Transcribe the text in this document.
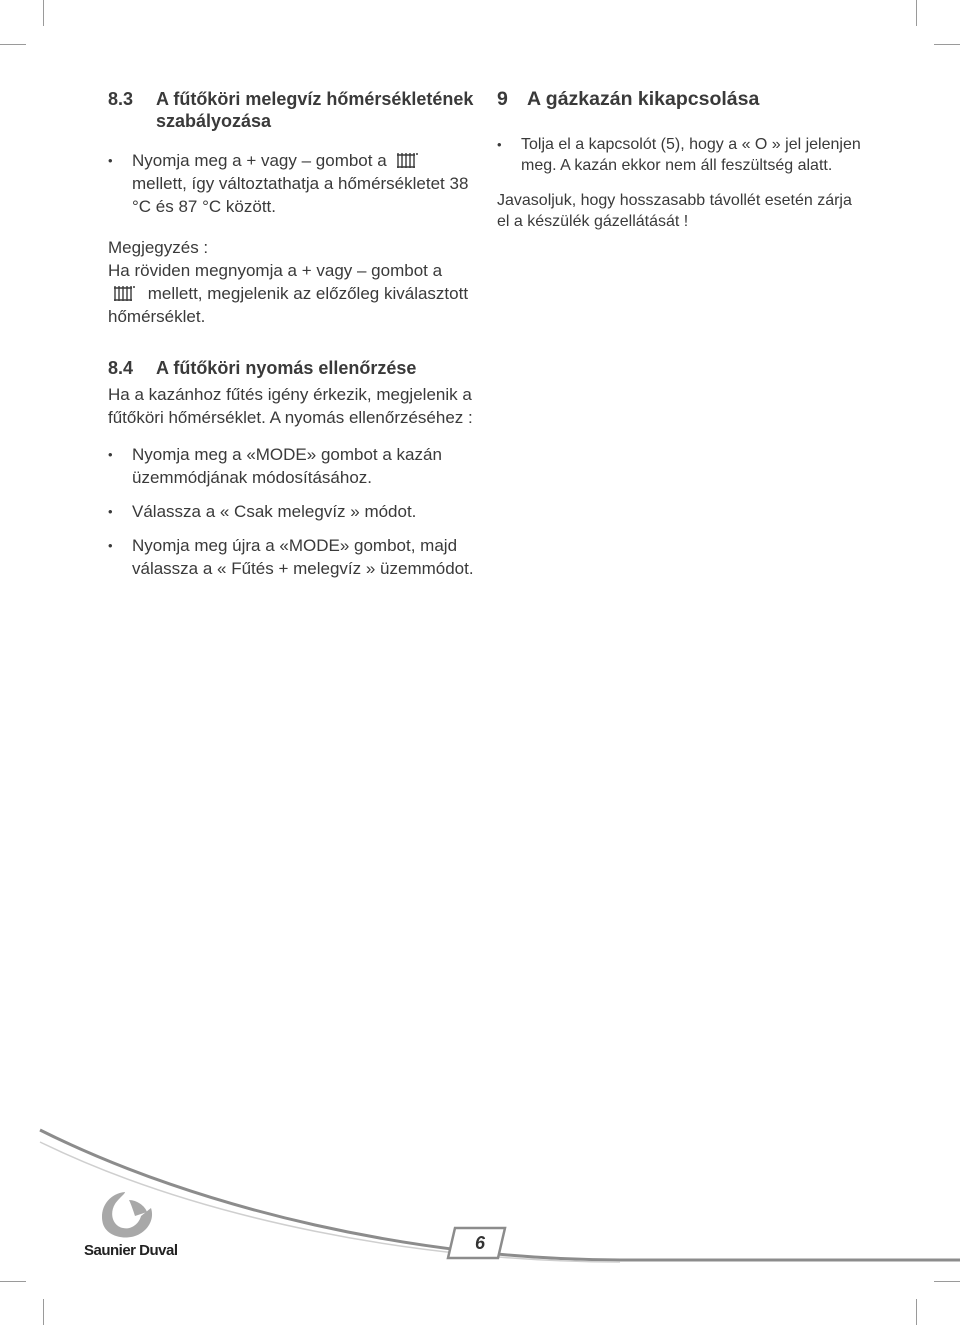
8.3	A fűtőköri melegvíz hőmérsékletének szabályozása
• Nyomja meg a + vagy – gombot a
mellett, így változtathatja a hőmérsékletet 38 °C és 87 °C között.

Megjegyzés :

Ha röviden megnyomja a + vagy – gombot a
mellett, megjelenik az előzőleg kiválasztott hőmérséklet.

8.4	A fűtőköri nyomás ellenőrzése

Ha a kazánhoz fűtés igény érkezik, megjelenik a fűtőköri hőmérséklet. A nyomás ellenőrzéséhez :

• Nyomja meg a «MODE» gombot a kazán üzemmódjának módosításához.
• Válassza a « Csak melegvíz » módot.
• Nyomja meg újra a «MODE» gombot, majd válassza a « Fűtés + melegvíz » üzemmódot.
9 A gázkazán kikapcsolása
• Tolja el a kapcsolót (5), hogy a « O » jel jelenjen meg. A kazán ekkor nem áll feszültség alatt.

Javasoljuk, hogy hosszasabb távollét esetén zárja el a készülék gázellátását !

Saunier Duval	6
